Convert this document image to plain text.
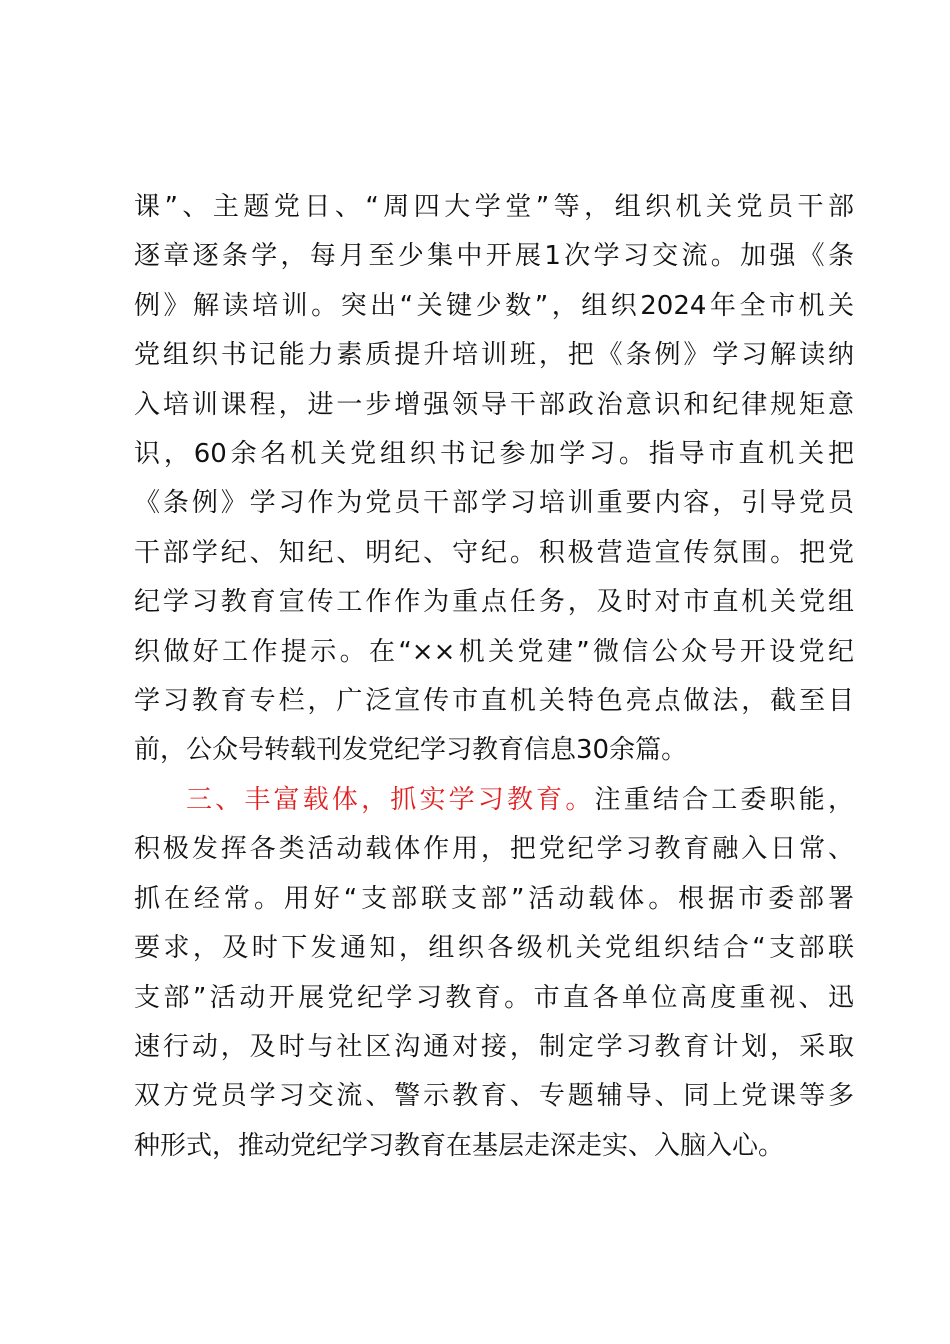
课”、主题党日、“周四大学堂”等，组织机关党员干部
逐章逐条学，每月至少集中开展1次学习交流。加强《条
例》解读培训。突出“关键少数”，组织2024年全市机关
党组织书记能力素质提升培训班，把《条例》学习解读纳
入培训课程，进一步增强领导干部政治意识和纪律规矩意
识，60余名机关党组织书记参加学习。指导市直机关把
《条例》学习作为党员干部学习培训重要内容，引导党员
干部学纪、知纪、明纪、守纪。积极营造宣传氛围。把党
纪学习教育宣传工作作为重点任务，及时对市直机关党组
织做好工作提示。在“××机关党建”微信公众号开设党纪
学习教育专栏，广泛宣传市直机关特色亮点做法，截至目
前，公众号转载刊发党纪学习教育信息30余篇。
三、丰富载体，抓实学习教育。注重结合工委职能，
积极发挥各类活动载体作用，把党纪学习教育融入日常、
抓在经常。用好“支部联支部”活动载体。根据市委部署
要求，及时下发通知，组织各级机关党组织结合“支部联
支部”活动开展党纪学习教育。市直各单位高度重视、迅
速行动，及时与社区沟通对接，制定学习教育计划，采取
双方党员学习交流、警示教育、专题辅导、同上党课等多
种形式，推动党纪学习教育在基层走深走实、入脑入心。
